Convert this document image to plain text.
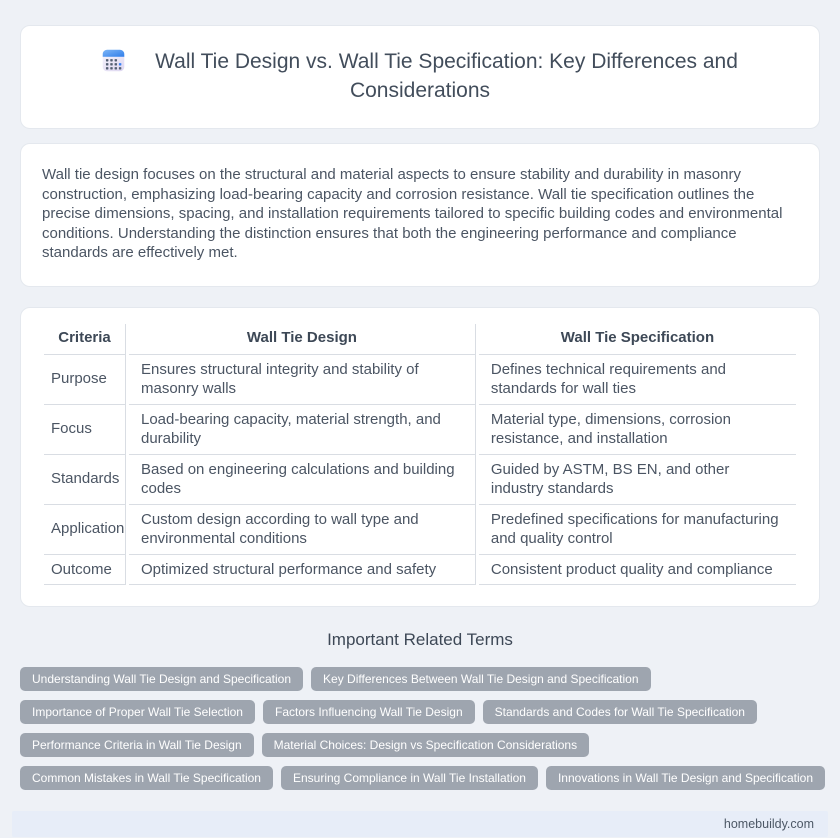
Wall Tie Design vs. Wall Tie Specification: Key Differences and Considerations

Wall tie design focuses on the structural and material aspects to ensure stability and durability in masonry construction, emphasizing load-bearing capacity and corrosion resistance. Wall tie specification outlines the precise dimensions, spacing, and installation requirements tailored to specific building codes and environmental conditions. Understanding the distinction ensures that both the engineering performance and compliance standards are effectively met.

Criteria	Wall Tie Design	Wall Tie Specification
Purpose	Ensures structural integrity and stability of masonry walls	Defines technical requirements and standards for wall ties
Focus	Load-bearing capacity, material strength, and durability	Material type, dimensions, corrosion resistance, and installation
Standards	Based on engineering calculations and building codes	Guided by ASTM, BS EN, and other industry standards
Application	Custom design according to wall type and environmental conditions	Predefined specifications for manufacturing and quality control
Outcome	Optimized structural performance and safety	Consistent product quality and compliance
Important Related Terms
Understanding Wall Tie Design and Specification	Key Differences Between Wall Tie Design and Specification
Importance of Proper Wall Tie Selection	Factors Influencing Wall Tie Design	Standards and Codes for Wall Tie Specification
Performance Criteria in Wall Tie Design	Material Choices: Design vs Specification Considerations
Common Mistakes in Wall Tie Specification	Ensuring Compliance in Wall Tie Installation	Innovations in Wall Tie Design and Specification
homebuildy.com
